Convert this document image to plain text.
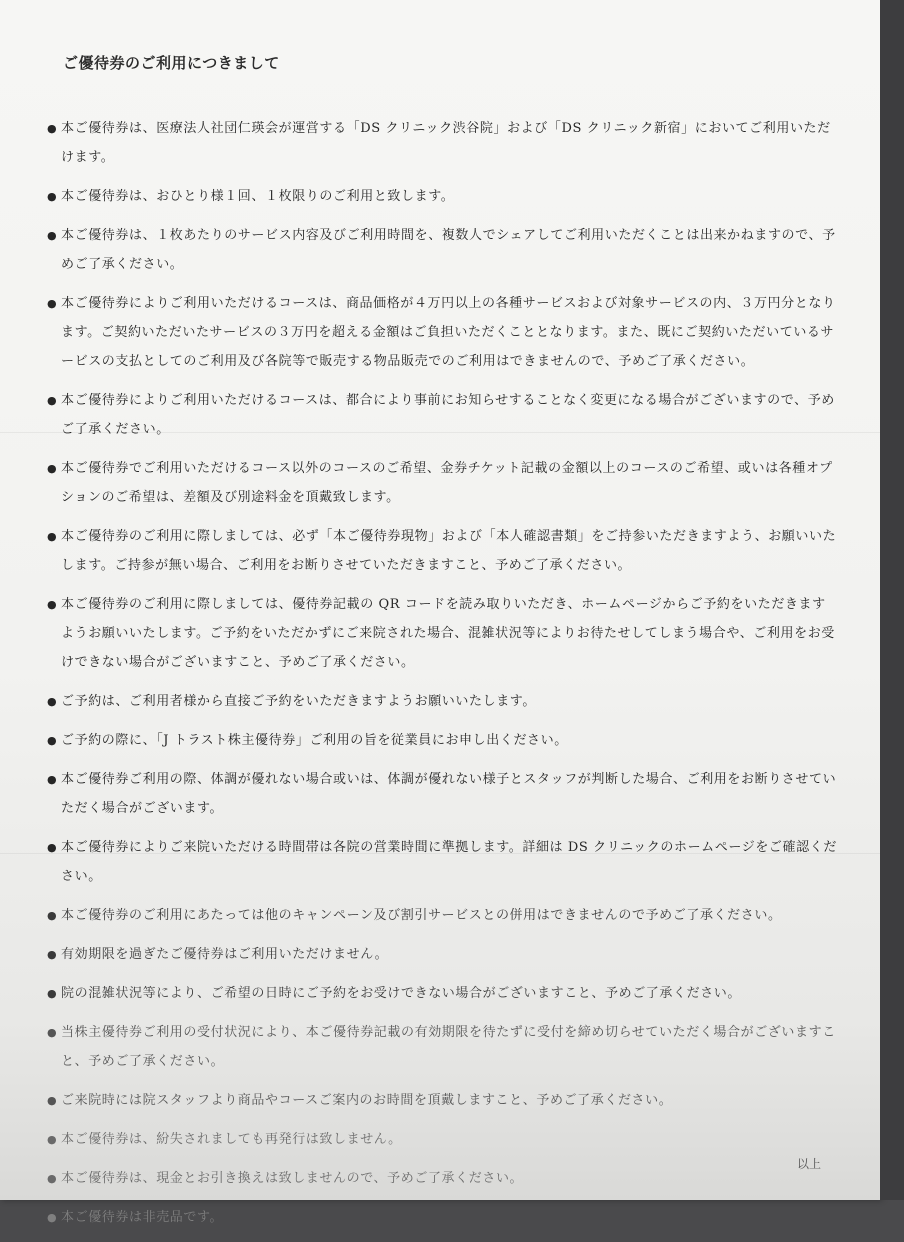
ご優待券のご利用につきまして
● 本ご優待券は、医療法人社団仁瑛会が運営する「DS クリニック渋谷院」および「DS クリニック新宿」においてご利用いただけます。
● 本ご優待券は、おひとり様１回、１枚限りのご利用と致します。
● 本ご優待券は、１枚あたりのサービス内容及びご利用時間を、複数人でシェアしてご利用いただくことは出来かねますので、予めご了承ください。
● 本ご優待券によりご利用いただけるコースは、商品価格が４万円以上の各種サービスおよび対象サービスの内、３万円分となります。ご契約いただいたサービスの３万円を超える金額はご負担いただくこととなります。また、既にご契約いただいているサービスの支払としてのご利用及び各院等で販売する物品販売でのご利用はできませんので、予めご了承ください。
● 本ご優待券によりご利用いただけるコースは、都合により事前にお知らせすることなく変更になる場合がございますので、予めご了承ください。
● 本ご優待券でご利用いただけるコース以外のコースのご希望、金券チケット記載の金額以上のコースのご希望、或いは各種オプションのご希望は、差額及び別途料金を頂戴致します。
● 本ご優待券のご利用に際しましては、必ず「本ご優待券現物」および「本人確認書類」をご持参いただきますよう、お願いいたします。ご持参が無い場合、ご利用をお断りさせていただきますこと、予めご了承ください。
● 本ご優待券のご利用に際しましては、優待券記載の QR コードを読み取りいただき、ホームページからご予約をいただきますようお願いいたします。ご予約をいただかずにご来院された場合、混雑状況等によりお待たせしてしまう場合や、ご利用をお受けできない場合がございますこと、予めご了承ください。
● ご予約は、ご利用者様から直接ご予約をいただきますようお願いいたします。
● ご予約の際に、「J トラスト株主優待券」ご利用の旨を従業員にお申し出ください。
● 本ご優待券ご利用の際、体調が優れない場合或いは、体調が優れない様子とスタッフが判断した場合、ご利用をお断りさせていただく場合がございます。
● 本ご優待券によりご来院いただける時間帯は各院の営業時間に準拠します。詳細は DS クリニックのホームページをご確認ください。
● 本ご優待券のご利用にあたっては他のキャンペーン及び割引サービスとの併用はできませんので予めご了承ください。
● 有効期限を過ぎたご優待券はご利用いただけません。
● 院の混雑状況等により、ご希望の日時にご予約をお受けできない場合がございますこと、予めご了承ください。
● 当株主優待券ご利用の受付状況により、本ご優待券記載の有効期限を待たずに受付を締め切らせていただく場合がございますこと、予めご了承ください。
● ご来院時には院スタッフより商品やコースご案内のお時間を頂戴しますこと、予めご了承ください。
● 本ご優待券は、紛失されましても再発行は致しません。
● 本ご優待券は、現金とお引き換えは致しませんので、予めご了承ください。
● 本ご優待券は非売品です。
以上
